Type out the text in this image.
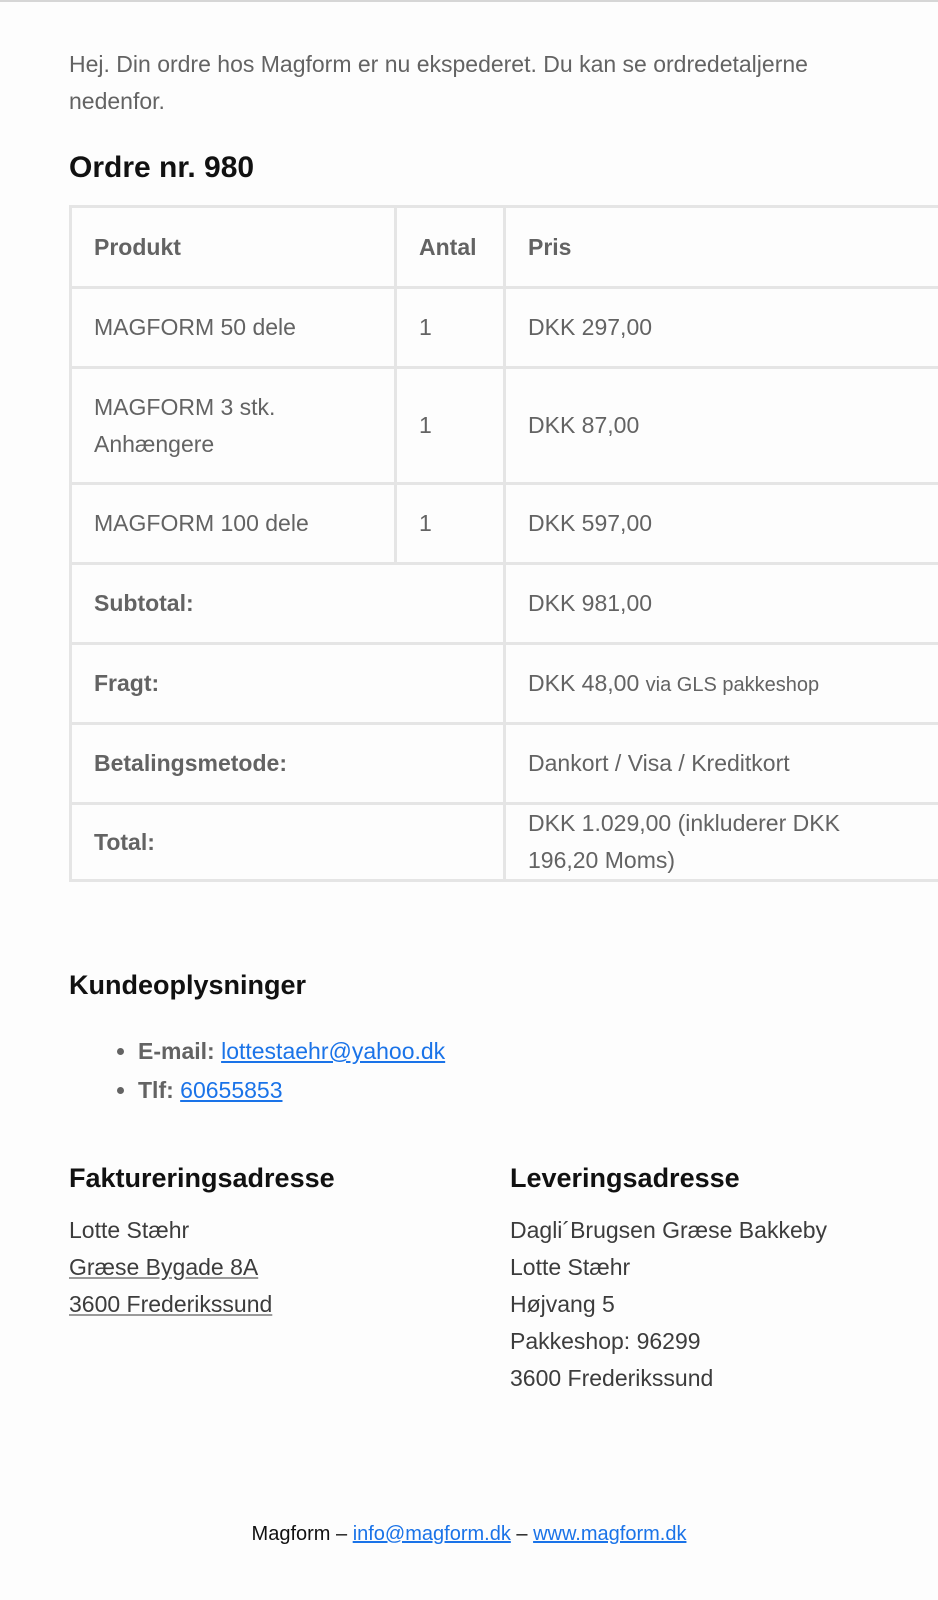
Hej. Din ordre hos Magform er nu ekspederet. Du kan se ordredetaljerne nedenfor.

Ordre nr. 980
Produkt	Antal	Pris
MAGFORM 50 dele	1	DKK 297,00
MAGFORM 3 stk. Anhængere	1	DKK 87,00
MAGFORM 100 dele	1	DKK 597,00
Subtotal:		DKK 981,00
Fragt:		DKK 48,00 via GLS pakkeshop
Betalingsmetode:		Dankort / Visa / Kreditkort
Total:		DKK 1.029,00 (inkluderer DKK 196,20 Moms)
Kundeoplysninger
• E-mail: lottestaehr@yahoo.dk
• Tlf: 60655853
Faktureringsadresse
Lotte Stæhr
Græse Bygade 8A
3600 Frederikssund
Leveringsadresse
Dagli´Brugsen Græse Bakkeby
Lotte Stæhr
Højvang 5
Pakkeshop: 96299
3600 Frederikssund
Magform – info@magform.dk – www.magform.dk
